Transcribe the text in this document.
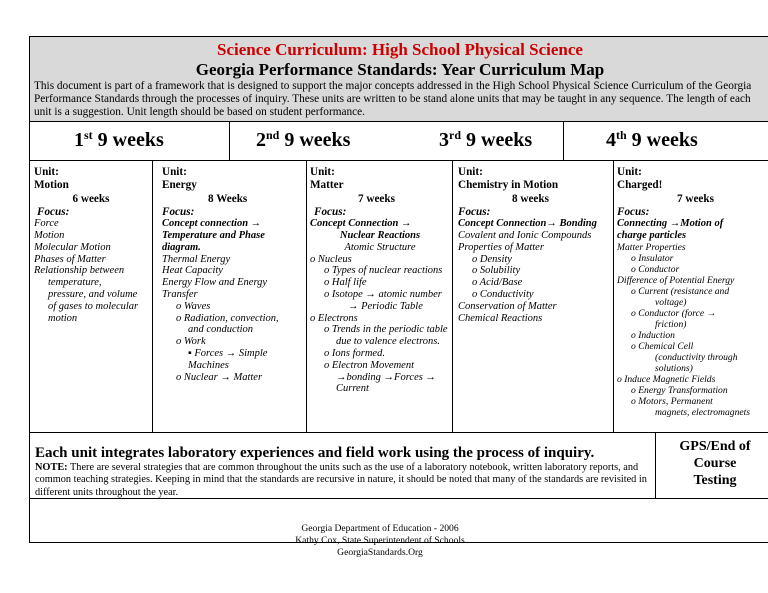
Science Curriculum: High School Physical Science
Georgia Performance Standards: Year Curriculum Map
This document is part of a framework that is designed to support the major concepts addressed in the High School Physical Science Curriculum of the Georgia Performance Standards through the processes of inquiry. These units are written to be stand alone units that may be taught in any sequence. The length of each unit is a suggestion. Unit length should be based on student performance.
1st 9 weeks	2nd 9 weeks	3rd 9 weeks	4th 9 weeks
Unit:
Motion
6 weeks
Focus:
Force
Motion
Molecular Motion
Phases of Matter
Relationship between
temperature,
pressure, and volume
of gases to molecular
motion
Unit:
Energy
8 Weeks
Focus:
Concept connection →
Temperature and Phase
diagram.
Thermal Energy
Heat Capacity
Energy Flow and Energy
Transfer
o Waves
o Radiation, convection,
and conduction
o Work
▪ Forces → Simple
Machines
o Nuclear → Matter
Unit:
Matter
7 weeks
Focus:
Concept Connection →
Nuclear Reactions
Atomic Structure
o Nucleus
o Types of nuclear reactions
o Half life
o Isotope → atomic number
→ Periodic Table
o Electrons
o Trends in the periodic table
due to valence electrons.
o Ions formed.
o Electron Movement
→bonding →Forces →
Current
Unit:
Chemistry in Motion
8 weeks
Focus:
Concept Connection→ Bonding
Covalent and Ionic Compounds
Properties of Matter
o Density
o Solubility
o Acid/Base
o Conductivity
Conservation of Matter
Chemical Reactions
Unit:
Charged!
7 weeks
Focus:
Connecting →Motion of
charge particles
Matter Properties
o Insulator
o Conductor
Difference of Potential Energy
o Current (resistance and
voltage)
o Conductor (force →
friction)
o Induction
o Chemical Cell
(conductivity through
solutions)
o Induce Magnetic Fields
o Energy Transformation
o Motors, Permanent
magnets, electromagnets
Each unit integrates laboratory experiences and field work using the process of inquiry.
NOTE: There are several strategies that are common throughout the units such as the use of a laboratory notebook, written laboratory reports, and common teaching strategies. Keeping in mind that the standards are recursive in nature, it should be noted that many of the standards are revisited in different units throughout the year.
GPS/End of
Course
Testing
Georgia Department of Education - 2006
Kathy Cox, State Superintendent of Schools
GeorgiaStandards.Org
